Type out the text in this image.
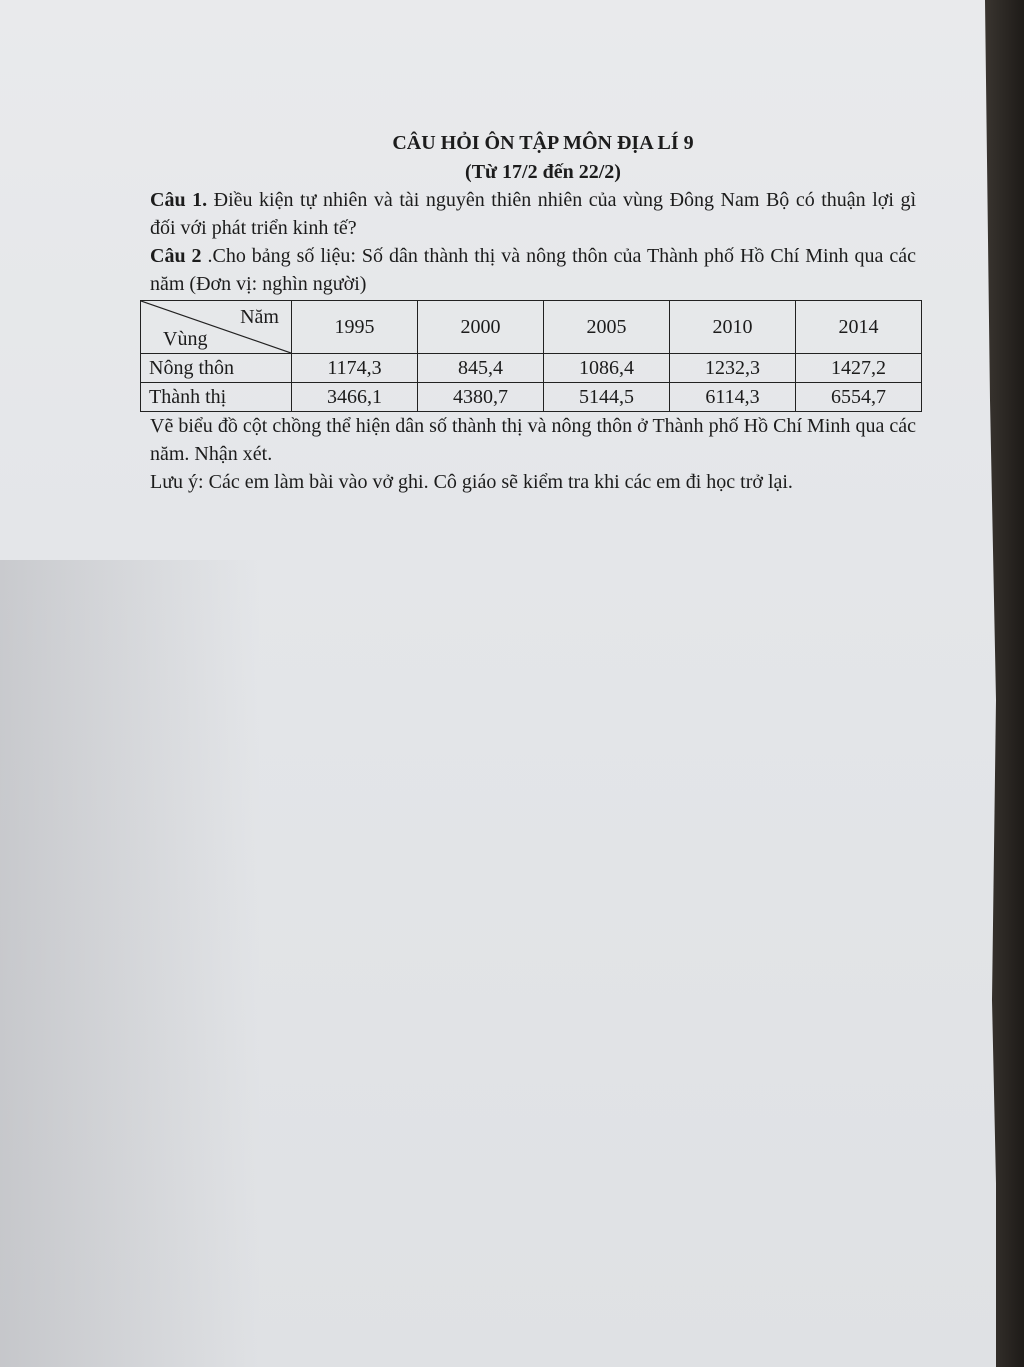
CÂU HỎI ÔN TẬP MÔN ĐỊA LÍ 9
(Từ 17/2 đến 22/2)

Câu 1. Điều kiện tự nhiên và tài nguyên thiên nhiên của vùng Đông Nam Bộ có thuận lợi gì đối với phát triển kinh tế?

Câu 2 .Cho bảng số liệu: Số dân thành thị và nông thôn của Thành phố Hồ Chí Minh qua các năm (Đơn vị: nghìn người)

Năm
Vùng	1995	2000	2005	2010	2014
Nông thôn	1174,3	845,4	1086,4	1232,3	1427,2
Thành thị	3466,1	4380,7	5144,5	6114,3	6554,7

Vẽ biểu đồ cột chồng thể hiện dân số thành thị và nông thôn ở Thành phố Hồ Chí Minh qua các năm. Nhận xét.

Lưu ý: Các em làm bài vào vở ghi. Cô giáo sẽ kiểm tra khi các em đi học trở lại.
